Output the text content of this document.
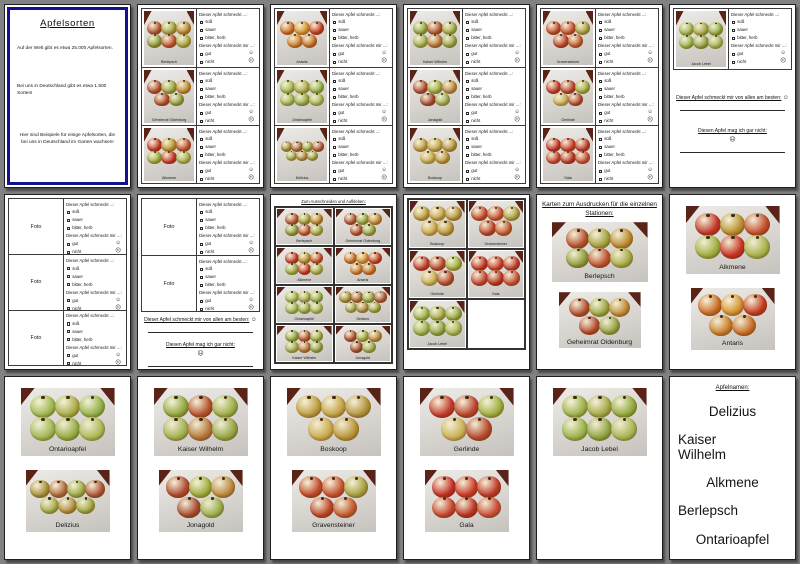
Apfelsorten
Auf der Welt gibt es etwa 25.000 Apfelsorten.
Bei uns in Deutschland gibt es etwa 1.500 Sorten!
Hier sind Beispiele für einige Apfelsorten, die bei uns in Deutschland im Garten wachsen!
Berlepsch
Dieser Apfel schmeckt ...:
süß
sauer
bitter, herb
Dieser Apfel schmeckt mir ...:
gut	☺
nicht	☹
Geheimrat Oldenburg
Dieser Apfel schmeckt ...:
süß
sauer
bitter, herb
Dieser Apfel schmeckt mir ...:
gut	☺
nicht	☹
Alkmene
Dieser Apfel schmeckt ...:
süß
sauer
bitter, herb
Dieser Apfel schmeckt mir ...:
gut	☺
nicht	☹
Antaris
Dieser Apfel schmeckt ...:
süß
sauer
bitter, herb
Dieser Apfel schmeckt mir ...:
gut	☺
nicht	☹
Ontarioapfel
Dieser Apfel schmeckt ...:
süß
sauer
bitter, herb
Dieser Apfel schmeckt mir ...:
gut	☺
nicht	☹
Delizius
Dieser Apfel schmeckt ...:
süß
sauer
bitter, herb
Dieser Apfel schmeckt mir ...:
gut	☺
nicht	☹
Kaiser Wilhelm
Dieser Apfel schmeckt ...:
süß
sauer
bitter, herb
Dieser Apfel schmeckt mir ...:
gut	☺
nicht	☹
Jonagold
Dieser Apfel schmeckt ...:
süß
sauer
bitter, herb
Dieser Apfel schmeckt mir ...:
gut	☺
nicht	☹
Boskoop
Dieser Apfel schmeckt ...:
süß
sauer
bitter, herb
Dieser Apfel schmeckt mir ...:
gut	☺
nicht	☹
Gravensteiner
Dieser Apfel schmeckt ...:
süß
sauer
bitter, herb
Dieser Apfel schmeckt mir ...:
gut	☺
nicht	☹
Gerlinde
Dieser Apfel schmeckt ...:
süß
sauer
bitter, herb
Dieser Apfel schmeckt mir ...:
gut	☺
nicht	☹
Gala
Dieser Apfel schmeckt ...:
süß
sauer
bitter, herb
Dieser Apfel schmeckt mir ...:
gut	☺
nicht	☹
Jacob Lebel
Dieser Apfel schmeckt ...:
süß
sauer
bitter, herb
Dieser Apfel schmeckt mir ...:
gut	☺
nicht	☹
Dieser Apfel schmeckt mir von allen am besten: ☺
Diesen Apfel mag ich gar nicht:
☹
Foto
Dieser Apfel schmeckt ...:
süß
sauer
bitter, herb
Dieser Apfel schmeckt mir ...:
gut	☺
nicht	☹
Foto
Dieser Apfel schmeckt ...:
süß
sauer
bitter, herb
Dieser Apfel schmeckt mir ...:
gut	☺
nicht	☹
Foto
Dieser Apfel schmeckt ...:
süß
sauer
bitter, herb
Dieser Apfel schmeckt mir ...:
gut	☺
nicht	☹
Foto
Dieser Apfel schmeckt ...:
süß
sauer
bitter, herb
Dieser Apfel schmeckt mir ...:
gut	☺
nicht	☹
Foto
Dieser Apfel schmeckt ...:
süß
sauer
bitter, herb
Dieser Apfel schmeckt mir ...:
gut	☺
nicht	☹
Dieser Apfel schmeckt mir von allen am besten: ☺
Diesen Apfel mag ich gar nicht:
☹
Zum Ausschneiden und Aufkleben:
Berlepsch	Geheimrat Oldenburg
Alkmene	Antaris
Ontarioapfel	Delizius
Kaiser Wilhelm	Jonagold
Boskoop	Gravensteiner
Gerlinde	Gala
Jacob Lebel
Karten zum Ausdrucken für die einzelnen Stationen:
Berlepsch
Geheimrat Oldenburg
Alkmene
Antaris
Ontarioapfel
Delizius
Kaiser Wilhelm
Jonagold
Boskoop
Gravensteiner
Gerlinde
Gala
Jacob Lebel
Apfelnamen:
Delizius
Kaiser Wilhelm
Alkmene
Berlepsch
Ontarioapfel
